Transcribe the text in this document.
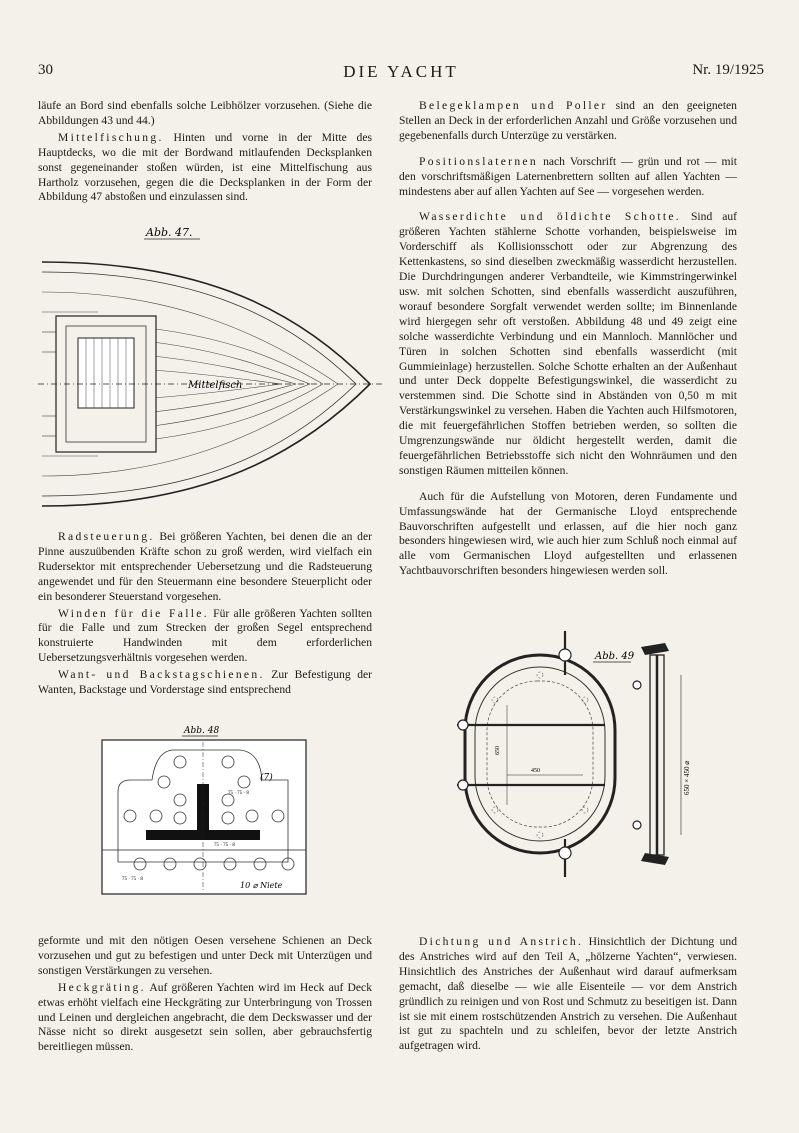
30	DIE YACHT	Nr. 19/1925

läufe an Bord sind ebenfalls solche Leibhölzer vorzusehen. (Siehe die Abbildungen 43 und 44.)

Mittelfischung. Hinten und vorne in der Mitte des Hauptdecks, wo die mit der Bordwand mitlaufenden Decksplanken sonst gegeneinander stoßen würden, ist eine Mittelfischung aus Hartholz vorzusehen, gegen die die Decksplanken in der Form der Abbildung 47 abstoßen und einzulassen sind.

Abb. 47.
Mittelfisch

Radsteuerung. Bei größeren Yachten, bei denen die an der Pinne auszuübenden Kräfte schon zu groß werden, wird vielfach ein Rudersektor mit entsprechender Uebersetzung und die Radsteuerung angewendet und für den Steuermann eine besondere Steuerplicht oder ein besonderer Steuerstand vorgesehen.

Winden für die Falle. Für alle größeren Yachten sollten für die Falle und zum Strecken der großen Segel entsprechend konstruierte Handwinden mit dem erforderlichen Uebersetzungsverhältnis vorgesehen werden.

Want- und Backstagschienen. Zur Befestigung der Wanten, Backstage und Vorderstage sind entsprechend

Abb. 48
(7)
75 · 75 · 8
75 · 75 · 8
75 · 75 · 8
10 ⌀ Niete

geformte und mit den nötigen Oesen versehene Schienen an Deck vorzusehen und gut zu befestigen und unter Deck mit Unterzügen und sonstigen Verstärkungen zu versehen.

Heckgräting. Auf größeren Yachten wird im Heck auf Deck etwas erhöht vielfach eine Heckgräting zur Unterbringung von Trossen und Leinen und dergleichen angebracht, die dem Deckswasser und der Nässe nicht so direkt ausgesetzt sein sollen, aber gebrauchsfertig bereitliegen müssen.

Belegeklampen und Poller sind an den geeigneten Stellen an Deck in der erforderlichen Anzahl und Größe vorzusehen und gegebenenfalls durch Unterzüge zu verstärken.

Positionslaternen nach Vorschrift — grün und rot — mit den vorschriftsmäßigen Laternenbrettern sollten auf allen Yachten — mindestens aber auf allen Yachten auf See — vorgesehen werden.

Wasserdichte und öldichte Schotte. Sind auf größeren Yachten stählerne Schotte vorhanden, beispielsweise im Vorderschiff als Kollisionsschott oder zur Abgrenzung des Kettenkastens, so sind dieselben zweckmäßig wasserdicht herzustellen. Die Durchdringungen anderer Verbandteile, wie Kimmstringerwinkel usw. mit solchen Schotten, sind ebenfalls wasserdicht auszuführen, worauf besondere Sorgfalt verwendet werden sollte; im Binnenlande wird hiergegen sehr oft verstoßen. Abbildung 48 und 49 zeigt eine solche wasserdichte Verbindung und ein Mannloch. Mannlöcher und Türen in solchen Schotten sind ebenfalls wasserdicht (mit Gummieinlage) herzustellen. Solche Schotte erhalten an der Außenhaut und unter Deck doppelte Befestigungswinkel, die wasserdicht zu verstemmen sind. Die Schotte sind in Abständen von 0,50 m mit Verstärkungswinkel zu versehen. Haben die Yachten auch Hilfsmotoren, die mit feuergefährlichen Stoffen betrieben werden, so sollten die Umgrenzungswände nur öldicht hergestellt werden, damit die feuergefährlichen Betriebsstoffe sich nicht den Wohnräumen und den sonstigen Räumen mitteilen können.

Auch für die Aufstellung von Motoren, deren Fundamente und Umfassungswände hat der Germanische Lloyd entsprechende Bauvorschriften aufgestellt und erlassen, auf die hier noch ganz besonders hingewiesen wird, wie auch hier zum Schluß noch einmal auf alle vom Germanischen Lloyd aufgestellten und erlassenen Yachtbauvorschriften besonders hingewiesen werden soll.

Abb. 49
450
650
650 × 450 ⌀

Dichtung und Anstrich. Hinsichtlich der Dichtung und des Anstriches wird auf den Teil A, „hölzerne Yachten“, verwiesen. Hinsichtlich des Anstriches der Außenhaut wird darauf aufmerksam gemacht, daß dieselbe — wie alle Eisenteile — vor dem Anstrich gründlich zu reinigen und von Rost und Schmutz zu beseitigen ist. Dann ist sie mit einem rostschützenden Anstrich zu versehen. Die Außenhaut ist gut zu spachteln und zu schleifen, bevor der letzte Anstrich aufgetragen wird.
